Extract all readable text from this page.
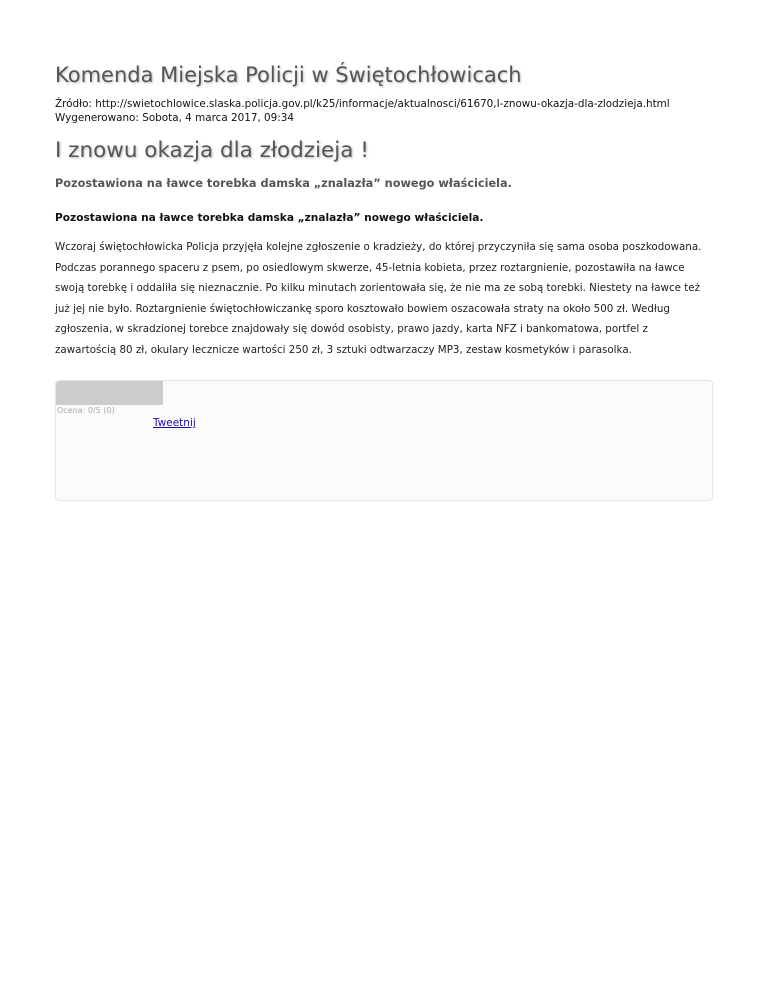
Komenda Miejska Policji w Świętochłowicach
Źródło: http://swietochlowice.slaska.policja.gov.pl/k25/informacje/aktualnosci/61670,I-znowu-okazja-dla-zlodzieja.html
Wygenerowano: Sobota, 4 marca 2017, 09:34
I znowu okazja dla złodzieja !

Pozostawiona na ławce torebka damska „znalazła” nowego właściciela.

Pozostawiona na ławce torebka damska „znalazła” nowego właściciela.

Wczoraj świętochłowicka Policja przyjęła kolejne zgłoszenie o kradzieży, do której przyczyniła się sama osoba poszkodowana.
Podczas porannego spaceru z psem, po osiedlowym skwerze, 45-letnia kobieta, przez roztargnienie, pozostawiła na ławce
swoją torebkę i oddaliła się nieznacznie. Po kilku minutach zorientowała się, że nie ma ze sobą torebki. Niestety na ławce też
już jej nie było. Roztargnienie świętochłowiczankę sporo kosztowało bowiem oszacowała straty na około 500 zł. Według
zgłoszenia, w skradzionej torebce znajdowały się dowód osobisty, prawo jazdy, karta NFZ i bankomatowa, portfel z
zawartością 80 zł, okulary lecznicze wartości 250 zł, 3 sztuki odtwarzaczy MP3, zestaw kosmetyków i parasolka.
Ocena: 0/5 (0)
Tweetnij
